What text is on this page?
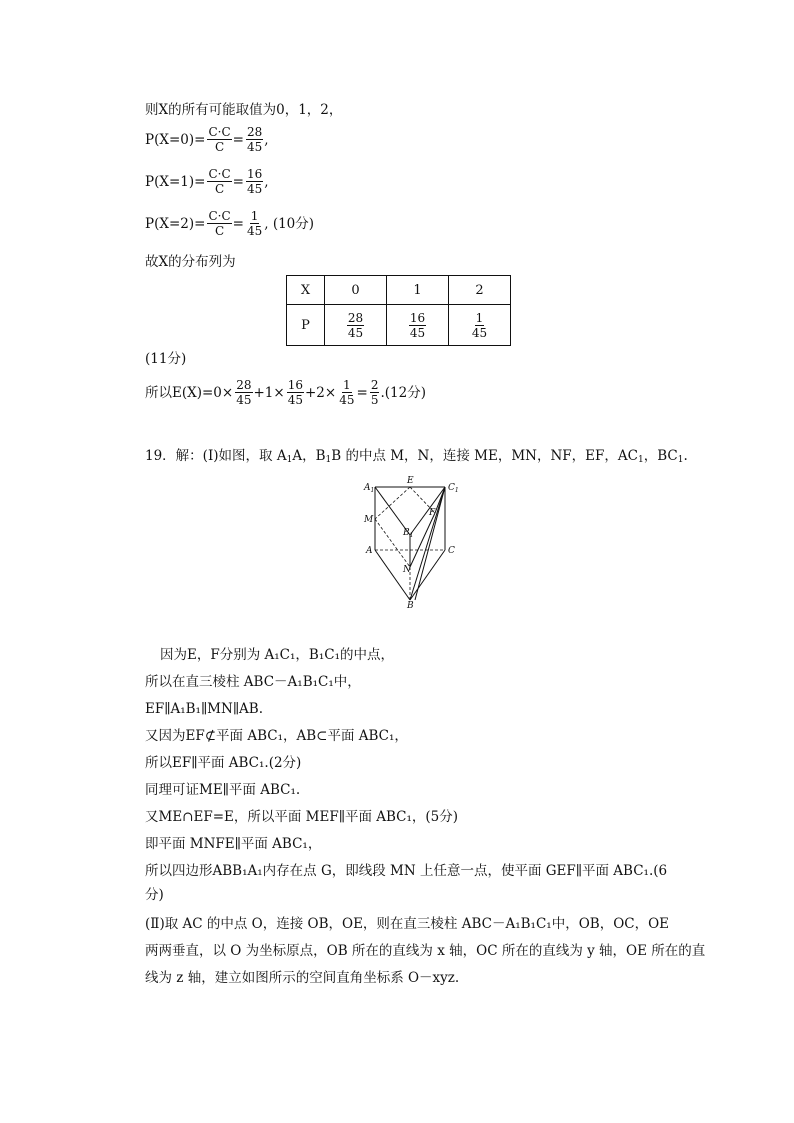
则X的所有可能取值为0，1，2，
$P(X=0)= \frac{C\cdot C}{C} = \frac{28}{45}$ ,
$P(X=1)= \frac{C\cdot C}{C} = \frac{16}{45}$ ,
$P(X=2)= \frac{C\cdot C}{C} = \frac{1}{45}$ , (10分)
故X的分布列为
X	0	1	2
P	$\frac{28}{45}$	$\frac{16}{45}$	$\frac{1}{45}$
(11分)
所以$E(X)=0\times \frac{28}{45} +1\times \frac{16}{45} +2\times \frac{1}{45} = \frac{2}{5} .(12$分)
19．解：(Ⅰ)如图，取 $A_1A$，$B_1B$ 的中点 M，N，连接 ME，MN，NF，EF，$AC_1$，$BC_1$.
$A_1$
E
$C_1$
M
F
$B_1$
A	C
N
B
因为E，F分别为 A₁C₁，B₁C₁的中点，
所以在直三棱柱 ABC－A₁B₁C₁中，
EF∥A₁B₁∥MN∥AB.
又因为EF⊄平面 ABC₁，AB⊂平面 ABC₁，
所以EF∥平面 ABC₁.(2分)
同理可证ME∥平面 ABC₁.
又ME∩EF=E，所以平面 MEF∥平面 ABC₁，(5分)
即平面 MNFE∥平面 ABC₁，
所以四边形ABB₁A₁内存在点 G，即线段 MN 上任意一点，使平面 GEF∥平面 ABC₁.(6
分)
(Ⅱ)取 AC 的中点 O，连接 OB，OE，则在直三棱柱 ABC－A₁B₁C₁中，OB，OC，OE
两两垂直，以 O 为坐标原点，OB 所在的直线为 x 轴，OC 所在的直线为 y 轴，OE 所在的直
线为 z 轴，建立如图所示的空间直角坐标系 O－xyz.
